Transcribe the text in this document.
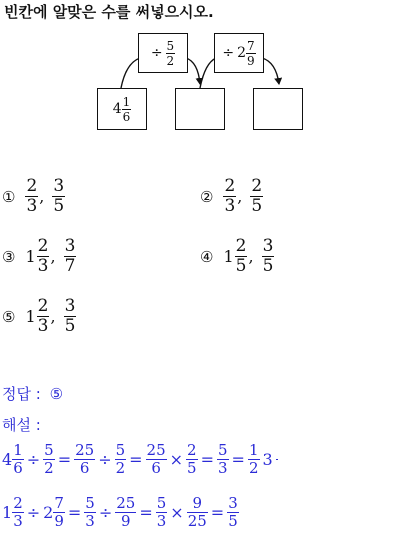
빈칸에 알맞은 수를 써넣으시오.
÷ $\frac{5}{2}$	÷ $2 \frac{7}{9}$
$4 \frac{1}{6}$
① $\frac{2}{3}$ , $\frac{3}{5}$	② $\frac{2}{3}$ , $\frac{2}{5}$
③ $1 \frac{2}{3}$ , $\frac{3}{7}$	④ $1 \frac{2}{5}$ , $\frac{3}{5}$
⑤ $1 \frac{2}{3}$ , $\frac{3}{5}$
정답 : ⑤
해설 :
$4 \frac{1}{6} \div \frac{5}{2} = \frac{25}{6} \div \frac{5}{2} = \frac{25}{6} \times \frac{2}{5} = \frac{5}{3} = \frac{1}{2} 3$
$1 \frac{2}{3} \div 2 \frac{7}{9} = \frac{5}{3} \div \frac{25}{9} = \frac{5}{3} \times \frac{9}{25} = \frac{3}{5}$
